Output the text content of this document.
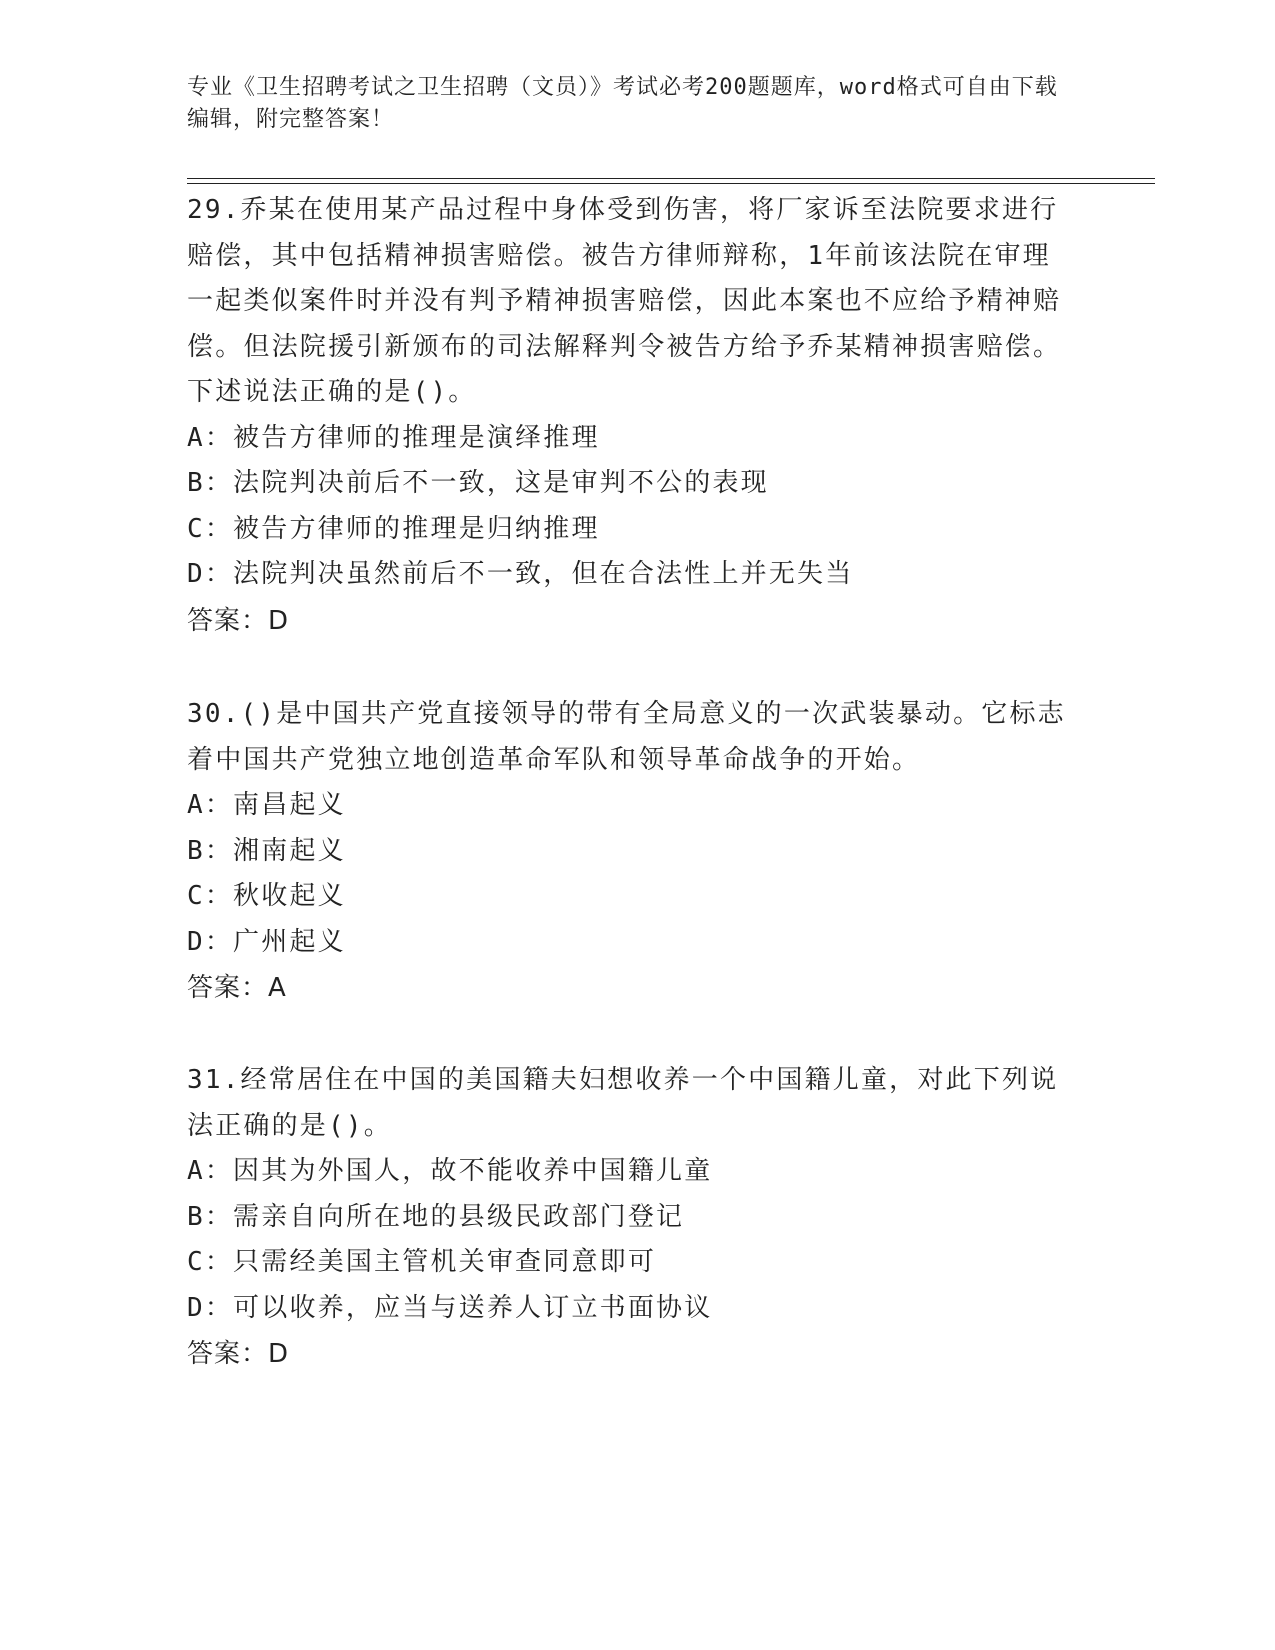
专业《卫生招聘考试之卫生招聘（文员）》考试必考200题题库，word格式可自由下载编辑，附完整答案！

29.乔某在使用某产品过程中身体受到伤害，将厂家诉至法院要求进行赔偿，其中包括精神损害赔偿。被告方律师辩称，1年前该法院在审理一起类似案件时并没有判予精神损害赔偿，因此本案也不应给予精神赔偿。但法院援引新颁布的司法解释判令被告方给予乔某精神损害赔偿。下述说法正确的是()。

A：被告方律师的推理是演绎推理

B：法院判决前后不一致，这是审判不公的表现

C：被告方律师的推理是归纳推理

D：法院判决虽然前后不一致，但在合法性上并无失当

答案：D

30.()是中国共产党直接领导的带有全局意义的一次武装暴动。它标志着中国共产党独立地创造革命军队和领导革命战争的开始。

A：南昌起义

B：湘南起义

C：秋收起义

D：广州起义

答案：A

31.经常居住在中国的美国籍夫妇想收养一个中国籍儿童，对此下列说法正确的是()。

A：因其为外国人，故不能收养中国籍儿童

B：需亲自向所在地的县级民政部门登记

C：只需经美国主管机关审查同意即可

D：可以收养，应当与送养人订立书面协议

答案：D
